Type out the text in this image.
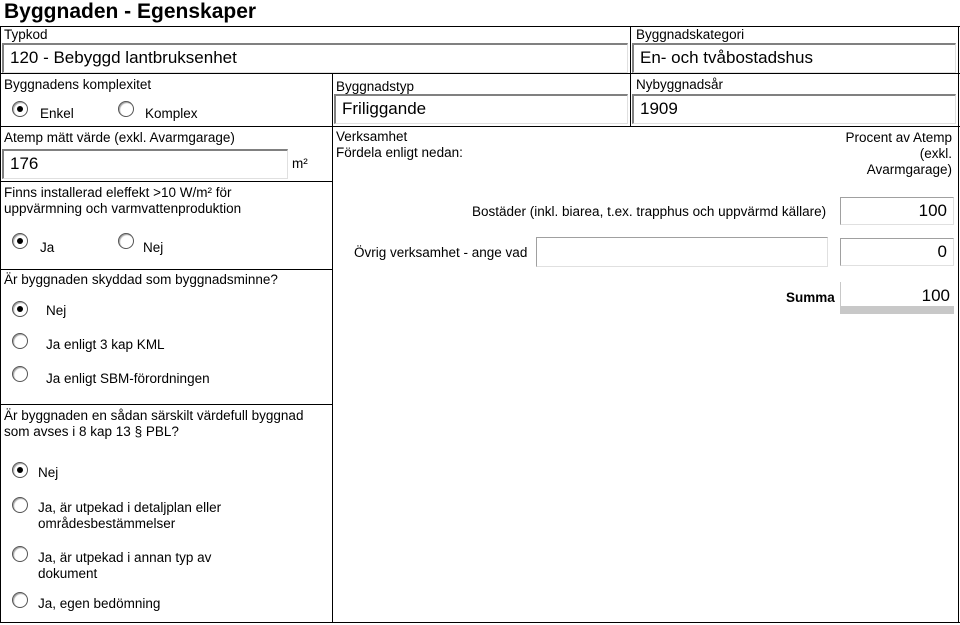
Byggnaden - Egenskaper
Typkod
120 - Bebyggd lantbruksenhet
Byggnadskategori
En- och tvåbostadshus
Byggnadens komplexitet
Enkel	Komplex
Byggnadstyp
Friliggande
Nybyggnadsår
1909
Atemp mätt värde (exkl. Avarmgarage)
176	m²
Verksamhet
Fördela enligt nedan:
Procent av Atemp (exkl. Avarmgarage)
Bostäder (inkl. biarea, t.ex. trapphus och uppvärmd källare)	100
Övrig verksamhet - ange vad	0
Summa	100
Finns installerad eleffekt >10 W/m² för uppvärmning och varmvattenproduktion
Ja	Nej
Är byggnaden skyddad som byggnadsminne?
Nej
Ja enligt 3 kap KML
Ja enligt SBM-förordningen
Är byggnaden en sådan särskilt värdefull byggnad som avses i 8 kap 13 § PBL?
Nej
Ja, är utpekad i detaljplan eller områdesbestämmelser
Ja, är utpekad i annan typ av dokument
Ja, egen bedömning
